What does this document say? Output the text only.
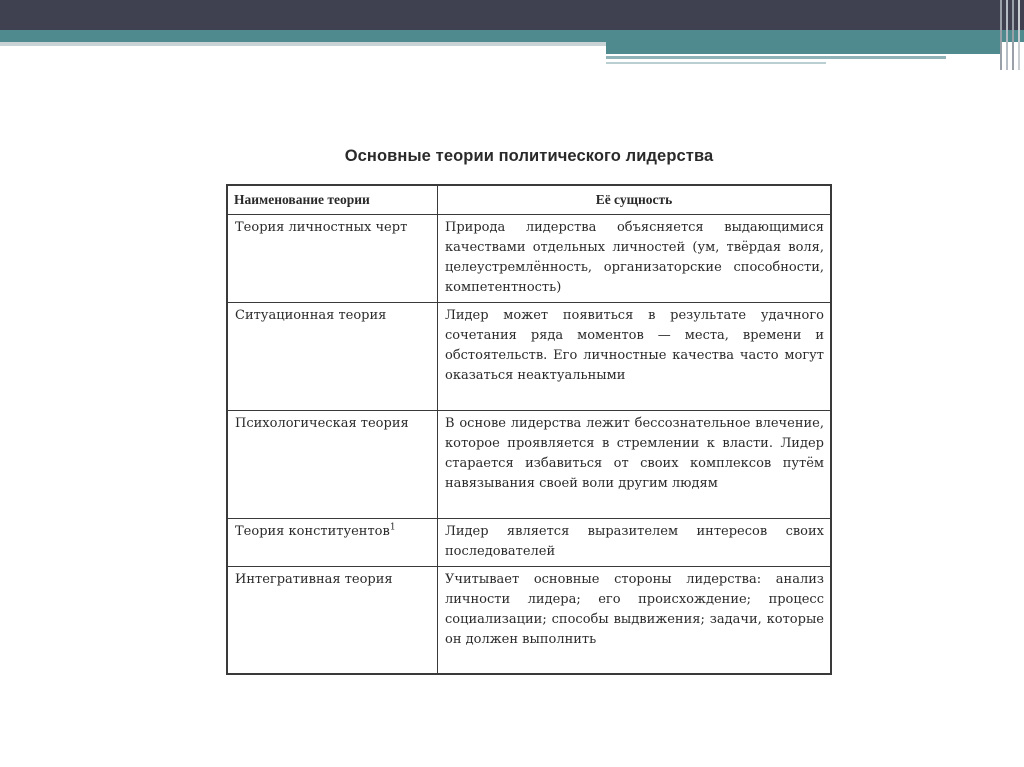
Основные теории политического лидерства
Наименование теории	Её сущность
Теория личностных черт	Природа лидерства объясняется выдающимися качествами отдельных личностей (ум, твёрдая воля, целеустремлённость, организаторские способности, компетентность)
Ситуационная теория	Лидер может появиться в результате удачного сочетания ряда моментов — места, времени и обстоятельств. Его личностные качества часто могут оказаться неактуальными
Психологическая теория	В основе лидерства лежит бессознательное влечение, которое проявляется в стремлении к власти. Лидер старается избавиться от своих комплексов путём навязывания своей воли другим людям
Теория конституентов$^1$	Лидер является выразителем интересов своих последователей
Интегративная теория	Учитывает основные стороны лидерства: анализ личности лидера; его происхождение; процесс социализации; способы выдвижения; задачи, которые он должен выполнить
